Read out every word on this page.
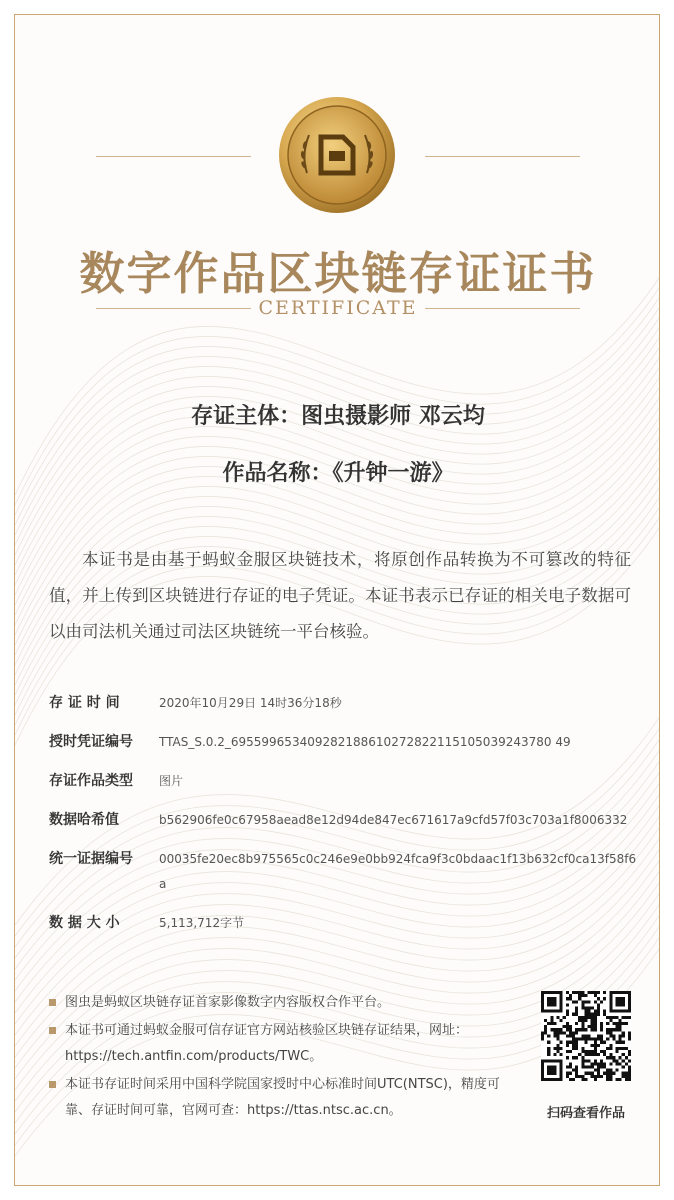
数字作品区块链存证证书
CERTIFICATE
存证主体：图虫摄影师 邓云均
作品名称：《升钟一游》
本证书是由基于蚂蚁金服区块链技术，将原创作品转换为不可篡改的特征值，并上传到区块链进行存证的电子凭证。本证书表示已存证的相关电子数据可以由司法机关通过司法区块链统一平台核验。
存 证 时 间	2020年10月29日 14时36分18秒
授时凭证编号	TTAS_S.0.2_695599653409282188610272822115105039243780 49
存证作品类型	图片
数据哈希值	b562906fe0c67958aead8e12d94de847ec671617a9cfd57f03c703a1f8006332
统一证据编号	00035fe20ec8b975565c0c246e9e0bb924fca9f3c0bdaac1f13b632cf0ca13f58f6a
数 据 大 小	5,113,712字节
图虫是蚂蚁区块链存证首家影像数字内容版权合作平台。
本证书可通过蚂蚁金服可信存证官方网站核验区块链存证结果，网址：https://tech.antfin.com/products/TWC。
本证书存证时间采用中国科学院国家授时中心标准时间UTC(NTSC)，精度可靠、存证时间可靠，官网可查：https://ttas.ntsc.ac.cn。	扫码查看作品
